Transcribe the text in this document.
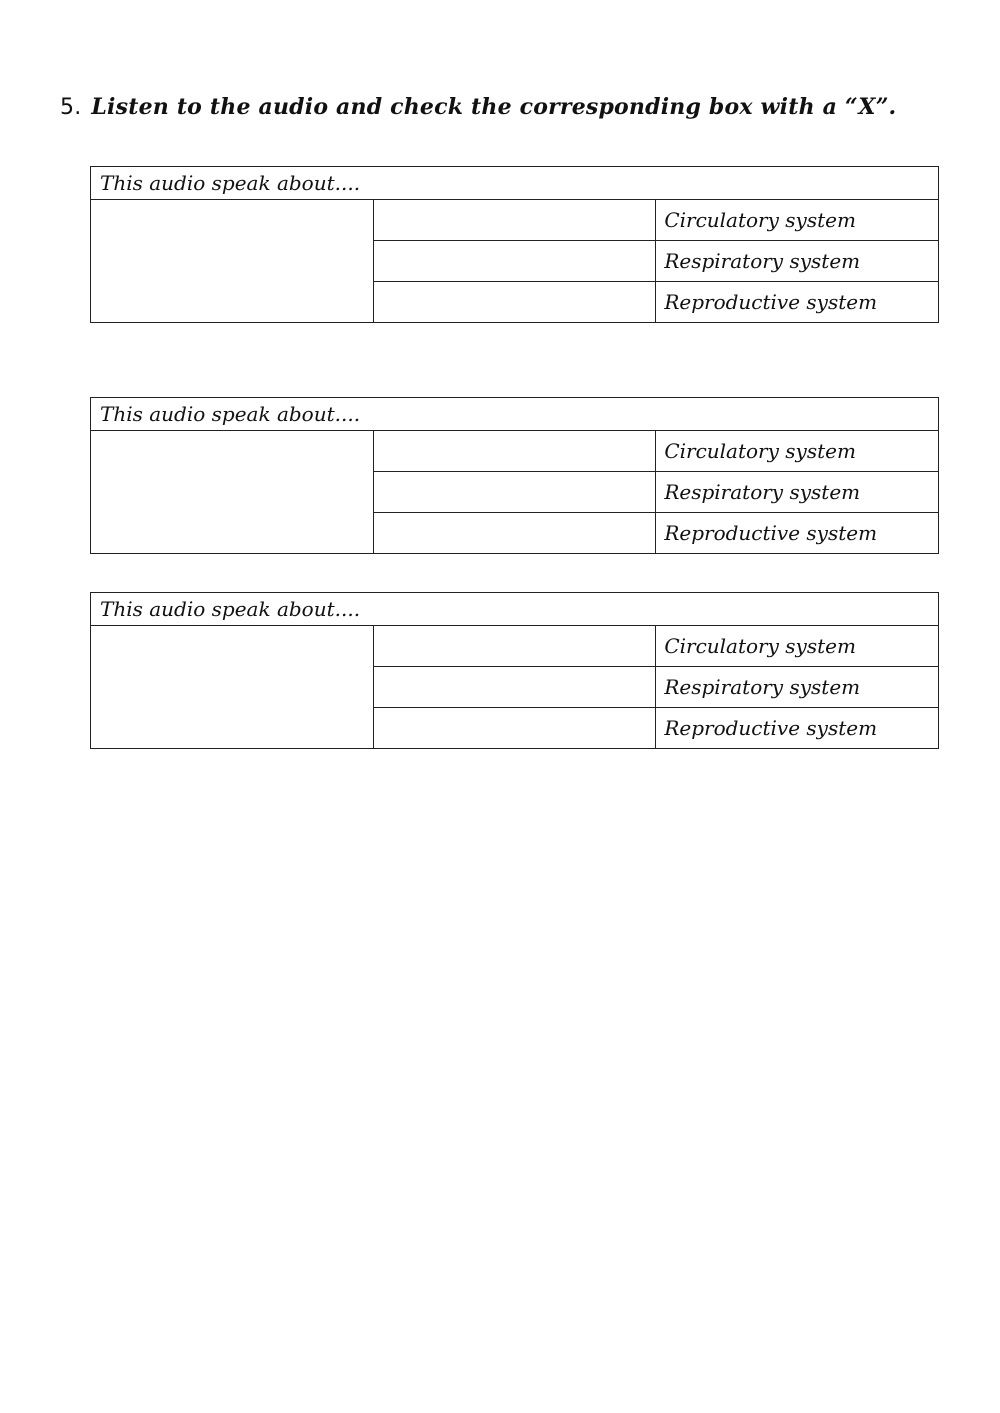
5. Listen to the audio and check the corresponding box with a “X”.
This audio speak about....		
		Circulatory system
		Respiratory system
		Reproductive system
This audio speak about....		
		Circulatory system
		Respiratory system
		Reproductive system
This audio speak about....		
		Circulatory system
		Respiratory system
		Reproductive system
